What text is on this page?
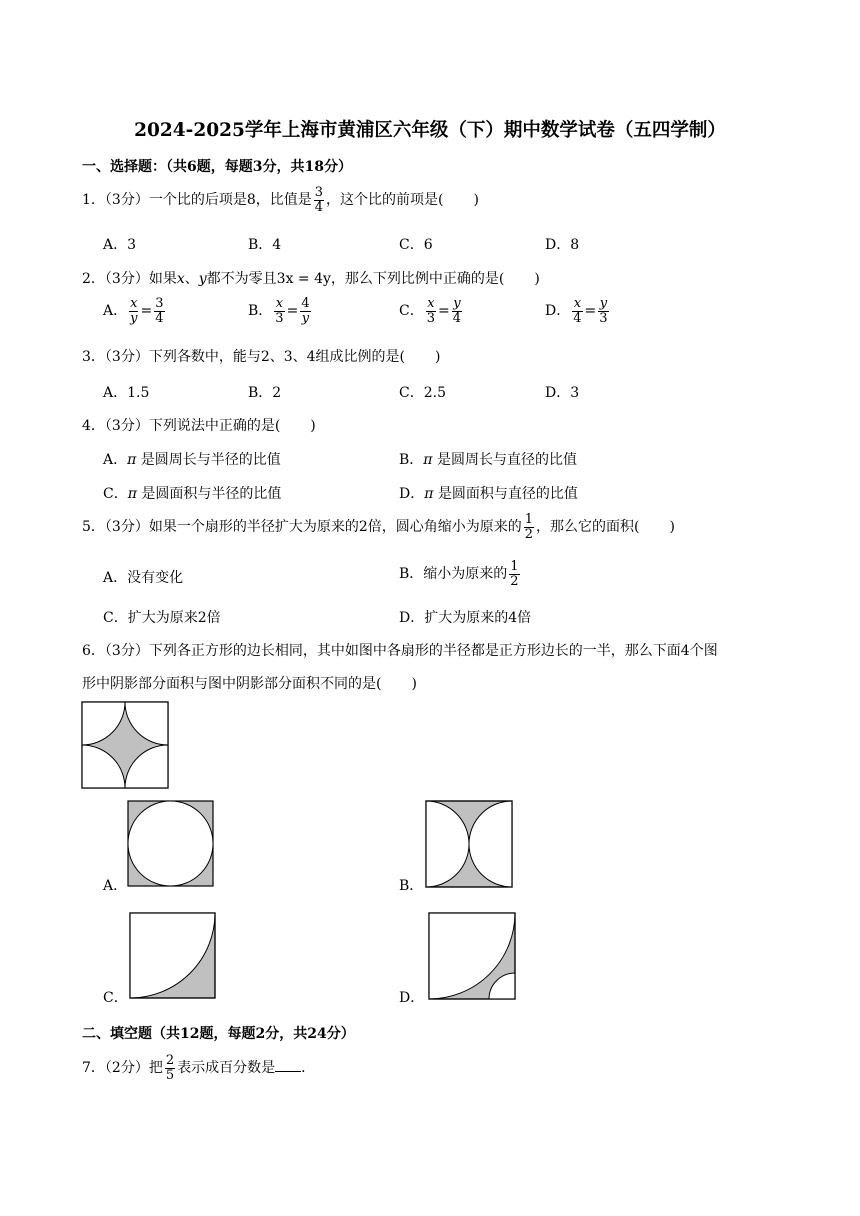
2024-2025学年上海市黄浦区六年级（下）期中数学试卷（五四学制）
一、选择题：（共6题，每题3分，共18分）
1．（3分）一个比的后项是8，比值是 $\frac{3}{4}$ ，这个比的前项是( )
A．3	B．4	C．6	D．8
2．（3分）如果x、y都不为零且3x = 4y，那么下列比例中正确的是( )
A． $\frac{x}{y} = \frac{3}{4}$	B． $\frac{x}{3} = \frac{4}{y}$	C． $\frac{x}{3} = \frac{y}{4}$	D． $\frac{x}{4} = \frac{y}{3}$
3．（3分）下列各数中，能与2、3、4组成比例的是( )
A．1.5	B．2	C．2.5	D．3
4．（3分）下列说法中正确的是( )
A．π 是圆周长与半径的比值	B．π 是圆周长与直径的比值
C．π 是圆面积与半径的比值	D．π 是圆面积与直径的比值
5．（3分）如果一个扇形的半径扩大为原来的2倍，圆心角缩小为原来的 $\frac{1}{2}$ ，那么它的面积( )
A．没有变化	B．缩小为原来的 $\frac{1}{2}$
C．扩大为原来2倍	D．扩大为原来的4倍
6．（3分）下列各正方形的边长相同，其中如图中各扇形的半径都是正方形边长的一半，那么下面4个图
形中阴影部分面积与图中阴影部分面积不同的是( )
A．	B．
C．	D．
二、填空题（共12题，每题2分，共24分）
7．（2分）把 $\frac{2}{5}$ 表示成百分数是 ．
